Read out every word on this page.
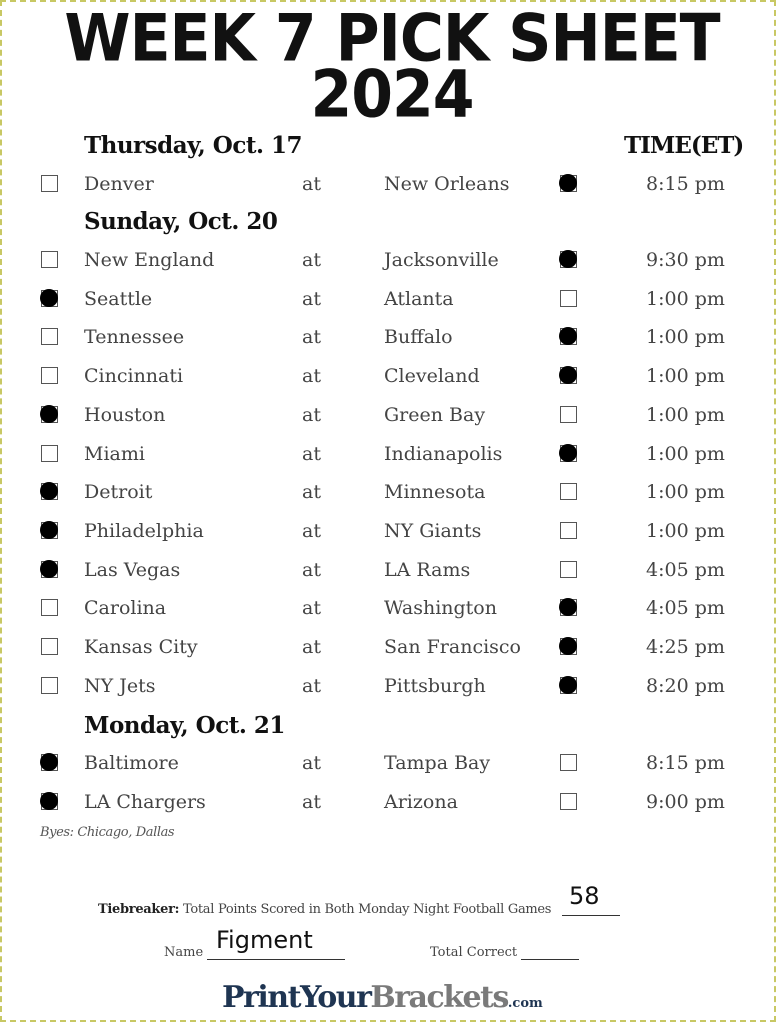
WEEK 7 PICK SHEET
2024
TIME(ET)
Thursday, Oct. 17
Denver	at	New Orleans	8:15 pm
Sunday, Oct. 20
New England	at	Jacksonville	9:30 pm
Seattle	at	Atlanta	1:00 pm
Tennessee	at	Buffalo	1:00 pm
Cincinnati	at	Cleveland	1:00 pm
Houston	at	Green Bay	1:00 pm
Miami	at	Indianapolis	1:00 pm
Detroit	at	Minnesota	1:00 pm
Philadelphia	at	NY Giants	1:00 pm
Las Vegas	at	LA Rams	4:05 pm
Carolina	at	Washington	4:05 pm
Kansas City	at	San Francisco	4:25 pm
NY Jets	at	Pittsburgh	8:20 pm
Monday, Oct. 21
Baltimore	at	Tampa Bay	8:15 pm
LA Chargers	at	Arizona	9:00 pm
Byes: Chicago, Dallas
Tiebreaker: Total Points Scored in Both Monday Night Football Games 58
Name Figment	Total Correct
PrintYourBrackets.com
